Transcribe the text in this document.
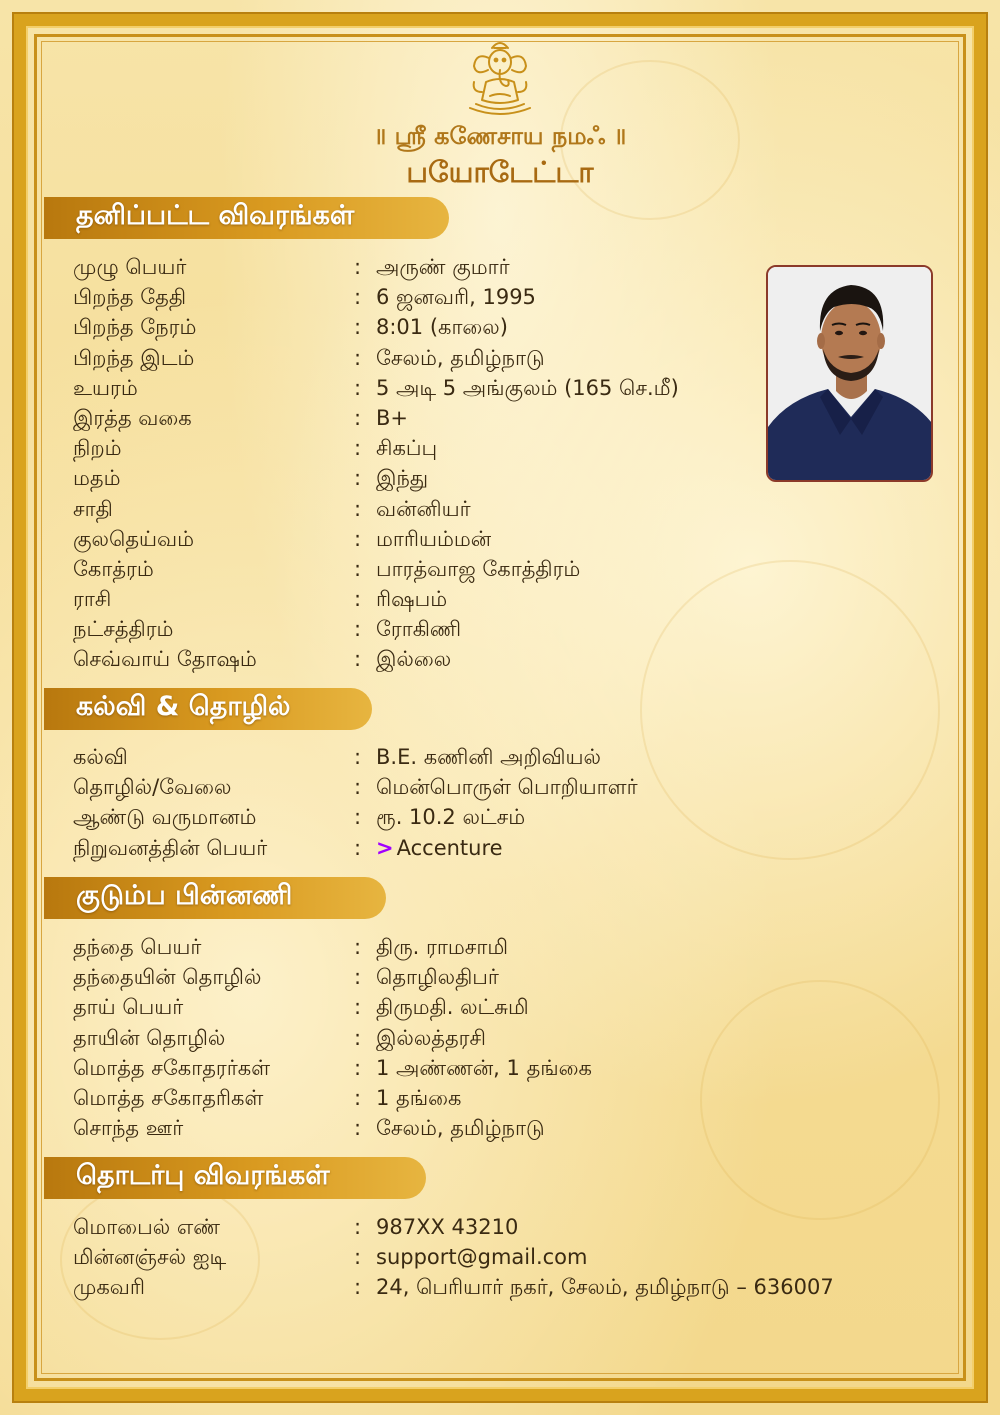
॥ ஸ்ரீ கணேசாய நமஃ ॥
பயோடேட்டா
தனிப்பட்ட விவரங்கள்
முழு பெயர்	: அருண் குமார்
பிறந்த தேதி	: 6 ஜனவரி, 1995
பிறந்த நேரம்	: 8:01 (காலை)
பிறந்த இடம்	: சேலம், தமிழ்நாடு
உயரம்	: 5 அடி 5 அங்குலம் (165 செ.மீ)
இரத்த வகை	: B+
நிறம்	: சிகப்பு
மதம்	: இந்து
சாதி	: வன்னியர்
குலதெய்வம்	: மாரியம்மன்
கோத்ரம்	: பாரத்வாஜ கோத்திரம்
ராசி	: ரிஷபம்
நட்சத்திரம்	: ரோகிணி
செவ்வாய் தோஷம்	: இல்லை
கல்வி & தொழில்
கல்வி	: B.E. கணினி அறிவியல்
தொழில்/வேலை	: மென்பொருள் பொறியாளர்
ஆண்டு வருமானம்	: ரூ. 10.2 லட்சம்
நிறுவனத்தின் பெயர்	: > Accenture
குடும்ப பின்னணி
தந்தை பெயர்	: திரு. ராமசாமி
தந்தையின் தொழில்	: தொழிலதிபர்
தாய் பெயர்	: திருமதி. லட்சுமி
தாயின் தொழில்	: இல்லத்தரசி
மொத்த சகோதரர்கள்	: 1 அண்ணன், 1 தங்கை
மொத்த சகோதரிகள்	: 1 தங்கை
சொந்த ஊர்	: சேலம், தமிழ்நாடு
தொடர்பு விவரங்கள்
மொபைல் எண்	: 987XX 43210
மின்னஞ்சல் ஐடி	: support@gmail.com
முகவரி	: 24, பெரியார் நகர், சேலம், தமிழ்நாடு – 636007
